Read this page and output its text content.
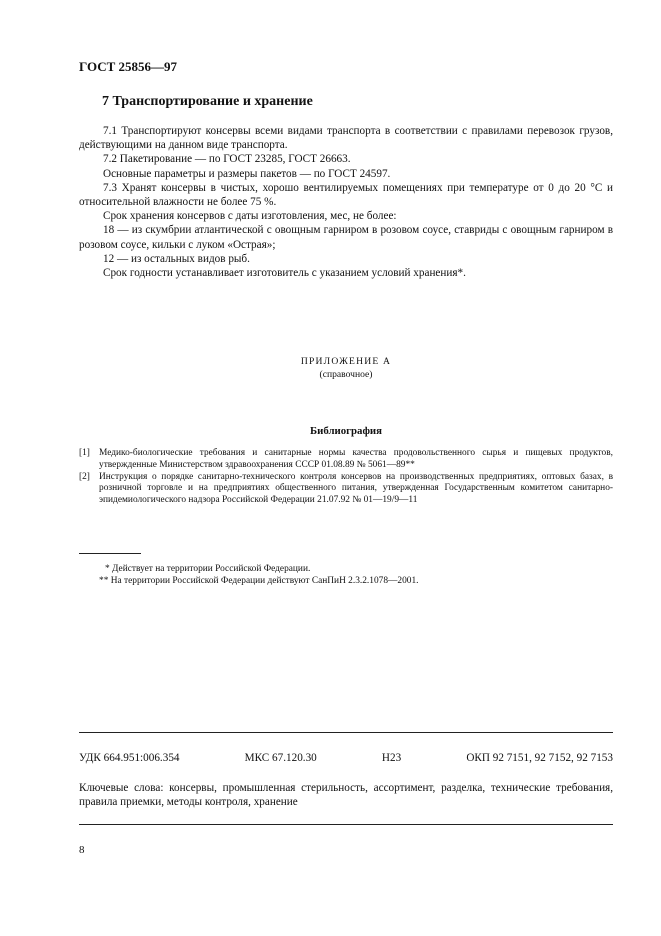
ГОСТ 25856—97
7 Транспортирование и хранение
7.1 Транспортируют консервы всеми видами транспорта в соответствии с правилами перевозок грузов, действующими на данном виде транспорта.
7.2 Пакетирование — по ГОСТ 23285, ГОСТ 26663.
Основные параметры и размеры пакетов — по ГОСТ 24597.
7.3 Хранят консервы в чистых, хорошо вентилируемых помещениях при температуре от 0 до 20 °С и относительной влажности не более 75 %.
Срок хранения консервов с даты изготовления, мес, не более:
18 — из скумбрии атлантической с овощным гарниром в розовом соусе, ставриды с овощным гарниром в розовом соусе, кильки с луком «Острая»;
12 — из остальных видов рыб.
Срок годности устанавливает изготовитель с указанием условий хранения*.
ПРИЛОЖЕНИЕ А
(справочное)
Библиография
[1] Медико-биологические требования и санитарные нормы качества продовольственного сырья и пищевых продуктов, утвержденные Министерством здравоохранения СССР 01.08.89 № 5061—89**
[2] Инструкция о порядке санитарно-технического контроля консервов на производственных предприятиях, оптовых базах, в розничной торговле и на предприятиях общественного питания, утвержденная Государственным комитетом санитарно-эпидемиологического надзора Российской Федерации 21.07.92 № 01—19/9—11
* Действует на территории Российской Федерации.
** На территории Российской Федерации действуют СанПиН 2.3.2.1078—2001.
УДК 664.951:006.354	МКС 67.120.30	Н23	ОКП 92 7151, 92 7152, 92 7153
Ключевые слова: консервы, промышленная стерильность, ассортимент, разделка, технические требования, правила приемки, методы контроля, хранение
8
